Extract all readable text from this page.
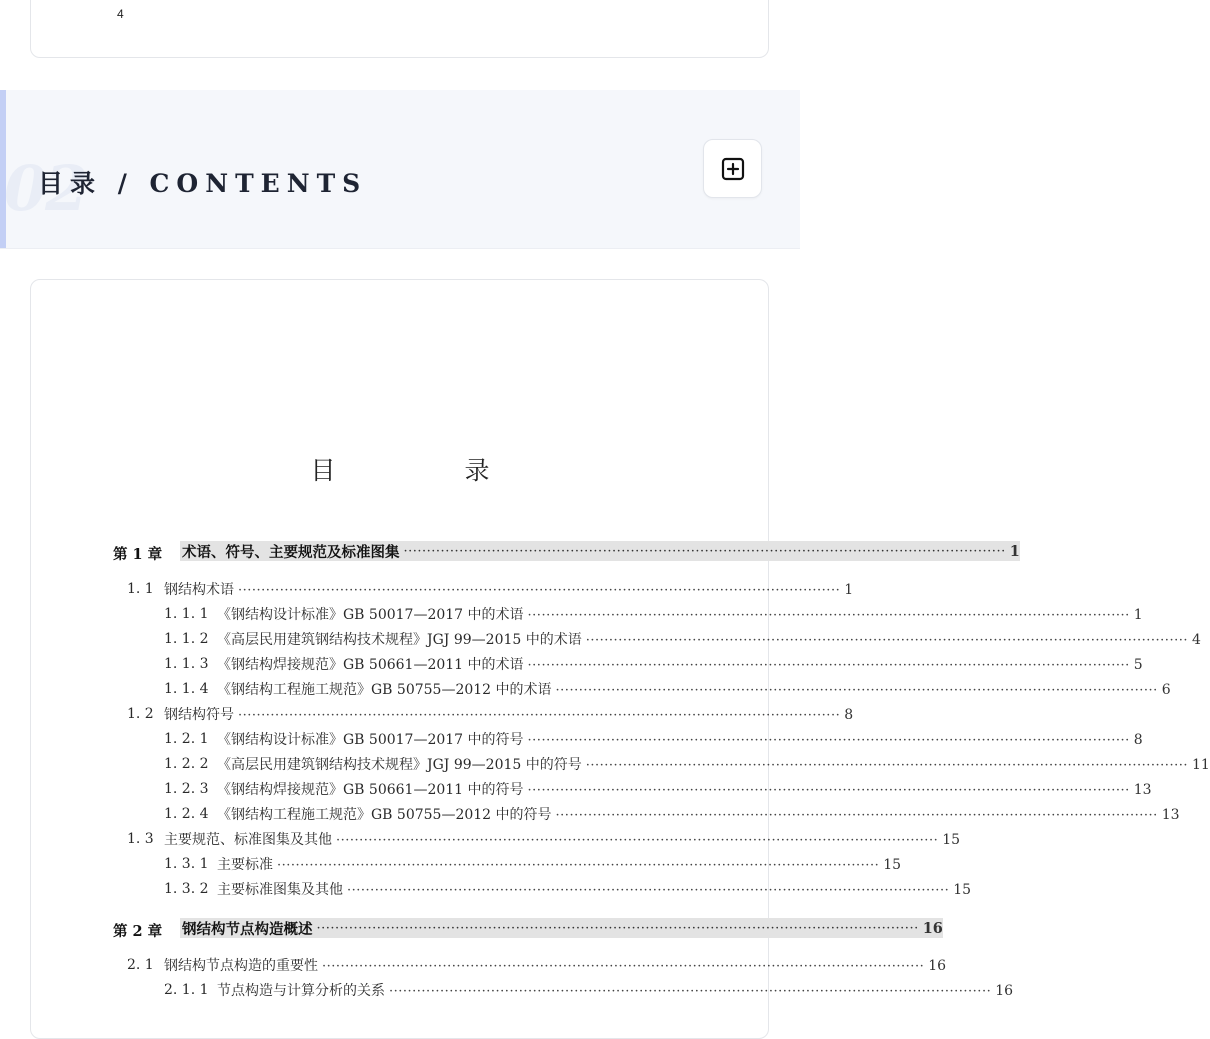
4
02
目录 / CONTENTS
目　录
第 1 章 术语、符号、主要规范及标准图集 ·································································································································· 1
1. 1 钢结构术语 ·································································································································· 1
1. 1. 1 《钢结构设计标准》GB 50017—2017 中的术语 ·································································································································· 1
1. 1. 2 《高层民用建筑钢结构技术规程》JGJ 99—2015 中的术语 ·································································································································· 4
1. 1. 3 《钢结构焊接规范》GB 50661—2011 中的术语 ·································································································································· 5
1. 1. 4 《钢结构工程施工规范》GB 50755—2012 中的术语 ·································································································································· 6
1. 2 钢结构符号 ·································································································································· 8
1. 2. 1 《钢结构设计标准》GB 50017—2017 中的符号 ·································································································································· 8
1. 2. 2 《高层民用建筑钢结构技术规程》JGJ 99—2015 中的符号 ·································································································································· 11
1. 2. 3 《钢结构焊接规范》GB 50661—2011 中的符号 ·································································································································· 13
1. 2. 4 《钢结构工程施工规范》GB 50755—2012 中的符号 ·································································································································· 13
1. 3 主要规范、标准图集及其他 ·································································································································· 15
1. 3. 1 主要标准 ·································································································································· 15
1. 3. 2 主要标准图集及其他 ·································································································································· 15
第 2 章 钢结构节点构造概述 ·································································································································· 16
2. 1 钢结构节点构造的重要性 ·································································································································· 16
2. 1. 1 节点构造与计算分析的关系 ·································································································································· 16
